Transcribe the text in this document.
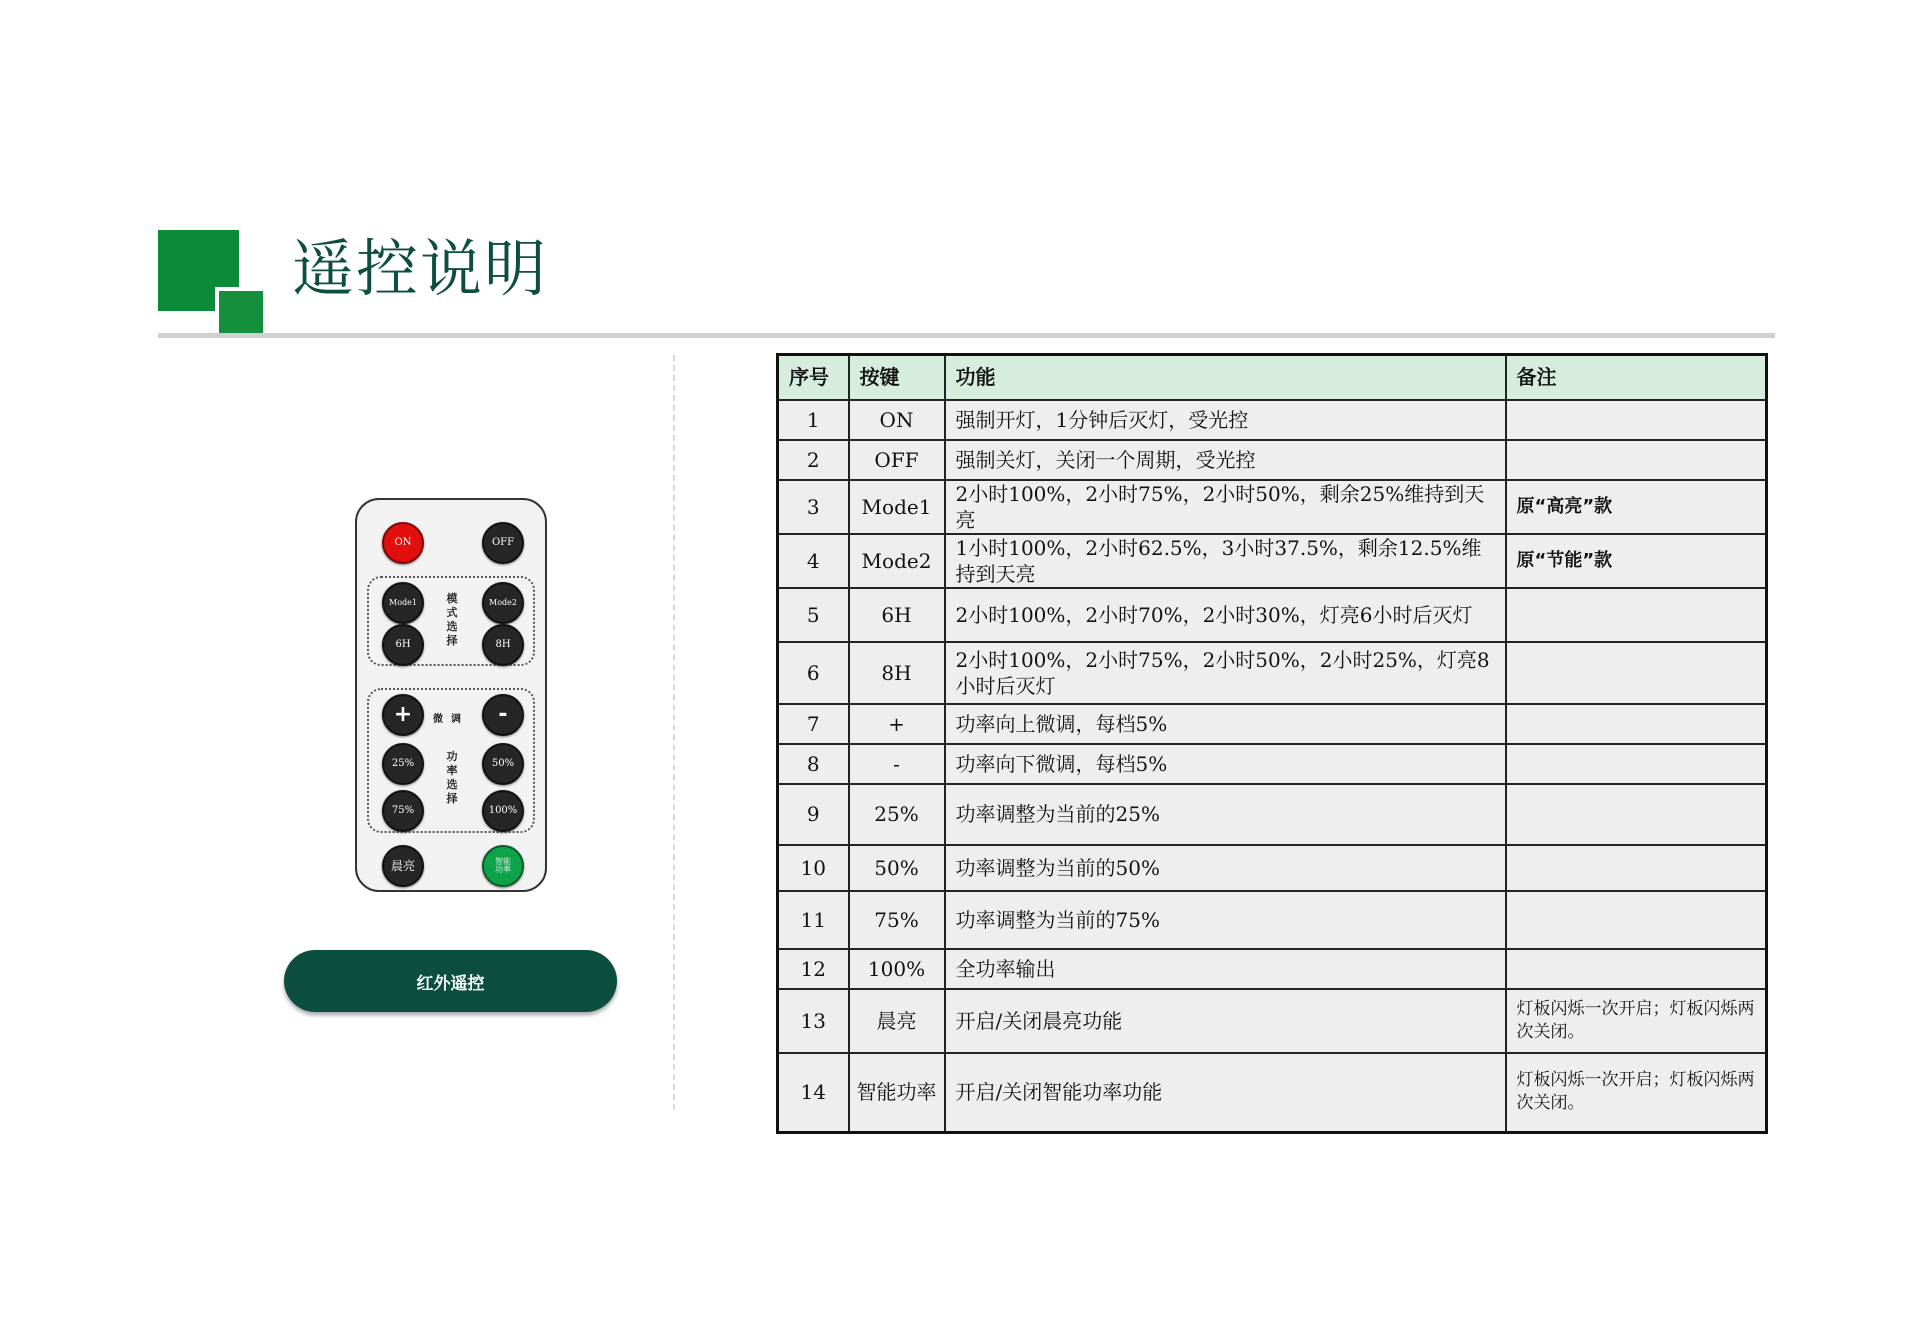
遥控说明
ON	OFF
Mode1	Mode2
6H	8H
模式选择
+	-
微调
25%	50%
75%	100%
功率选择
晨亮	智能功率
红外遥控
序号	按键	功能	备注
1	ON	强制开灯，1分钟后灭灯，受光控	
2	OFF	强制关灯，关闭一个周期，受光控	
3	Mode1	2小时100%，2小时75%，2小时50%，剩余25%维持到天亮	原“高亮”款
4	Mode2	1小时100%，2小时62.5%，3小时37.5%，剩余12.5%维持到天亮	原“节能”款
5	6H	2小时100%，2小时70%，2小时30%，灯亮6小时后灭灯	
6	8H	2小时100%，2小时75%，2小时50%，2小时25%，灯亮8小时后灭灯	
7	+	功率向上微调，每档5%	
8	-	功率向下微调，每档5%	
9	25%	功率调整为当前的25%	
10	50%	功率调整为当前的50%	
11	75%	功率调整为当前的75%	
12	100%	全功率输出	
13	晨亮	开启/关闭晨亮功能	灯板闪烁一次开启；灯板闪烁两次关闭。
14	智能功率	开启/关闭智能功率功能	灯板闪烁一次开启；灯板闪烁两次关闭。
